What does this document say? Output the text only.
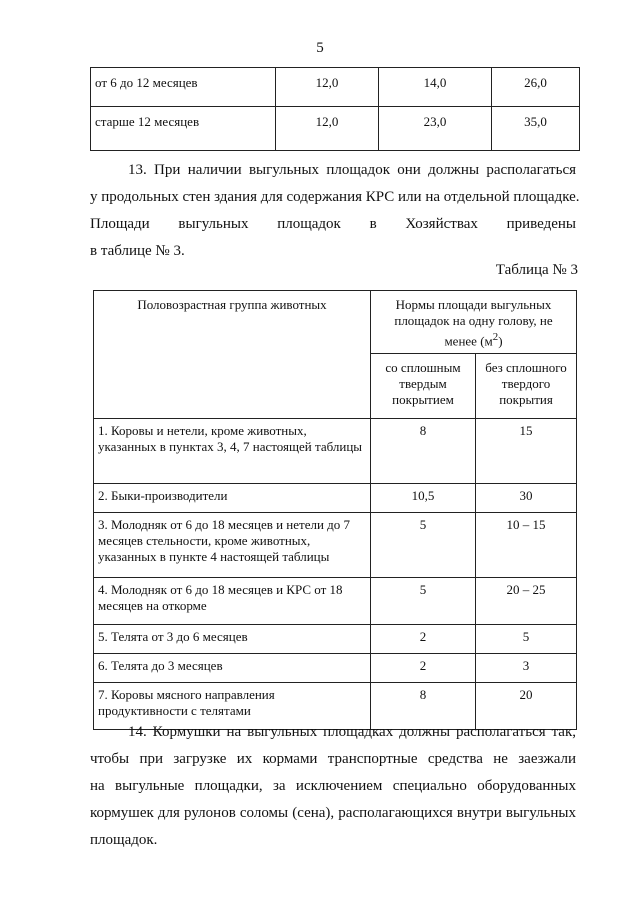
5
от 6 до 12 месяцев	12,0	14,0	26,0
старше 12 месяцев	12,0	23,0	35,0
13. При наличии выгульных площадок они должны располагаться
у продольных стен здания для содержания КРС или на отдельной площадке.
Площади выгульных площадок в Хозяйствах приведены
в таблице № 3.
Таблица № 3
Половозрастная группа животных	Нормы площади выгульных
площадок на одну голову, не
менее $(м^2)$	
	со сплошным твердым покрытием	без сплошного твердого покрытия
1. Коровы и нетели, кроме животных, указанных в пунктах 3, 4, 7 настоящей таблицы	8	15
2. Быки-производители	10,5	30
3. Молодняк от 6 до 18 месяцев и нетели до 7 месяцев стельности, кроме животных, указанных в пункте 4 настоящей таблицы	5	10 – 15
4. Молодняк от 6 до 18 месяцев и КРС от 18 месяцев на откорме	5	20 – 25
5. Телята от 3 до 6 месяцев	2	5
6. Телята до 3 месяцев	2	3
7. Коровы мясного направления продуктивности с телятами	8	20
14. Кормушки на выгульных площадках должны располагаться так,
чтобы при загрузке их кормами транспортные средства не заезжали
на выгульные площадки, за исключением специально оборудованных
кормушек для рулонов соломы (сена), располагающихся внутри выгульных
площадок.
